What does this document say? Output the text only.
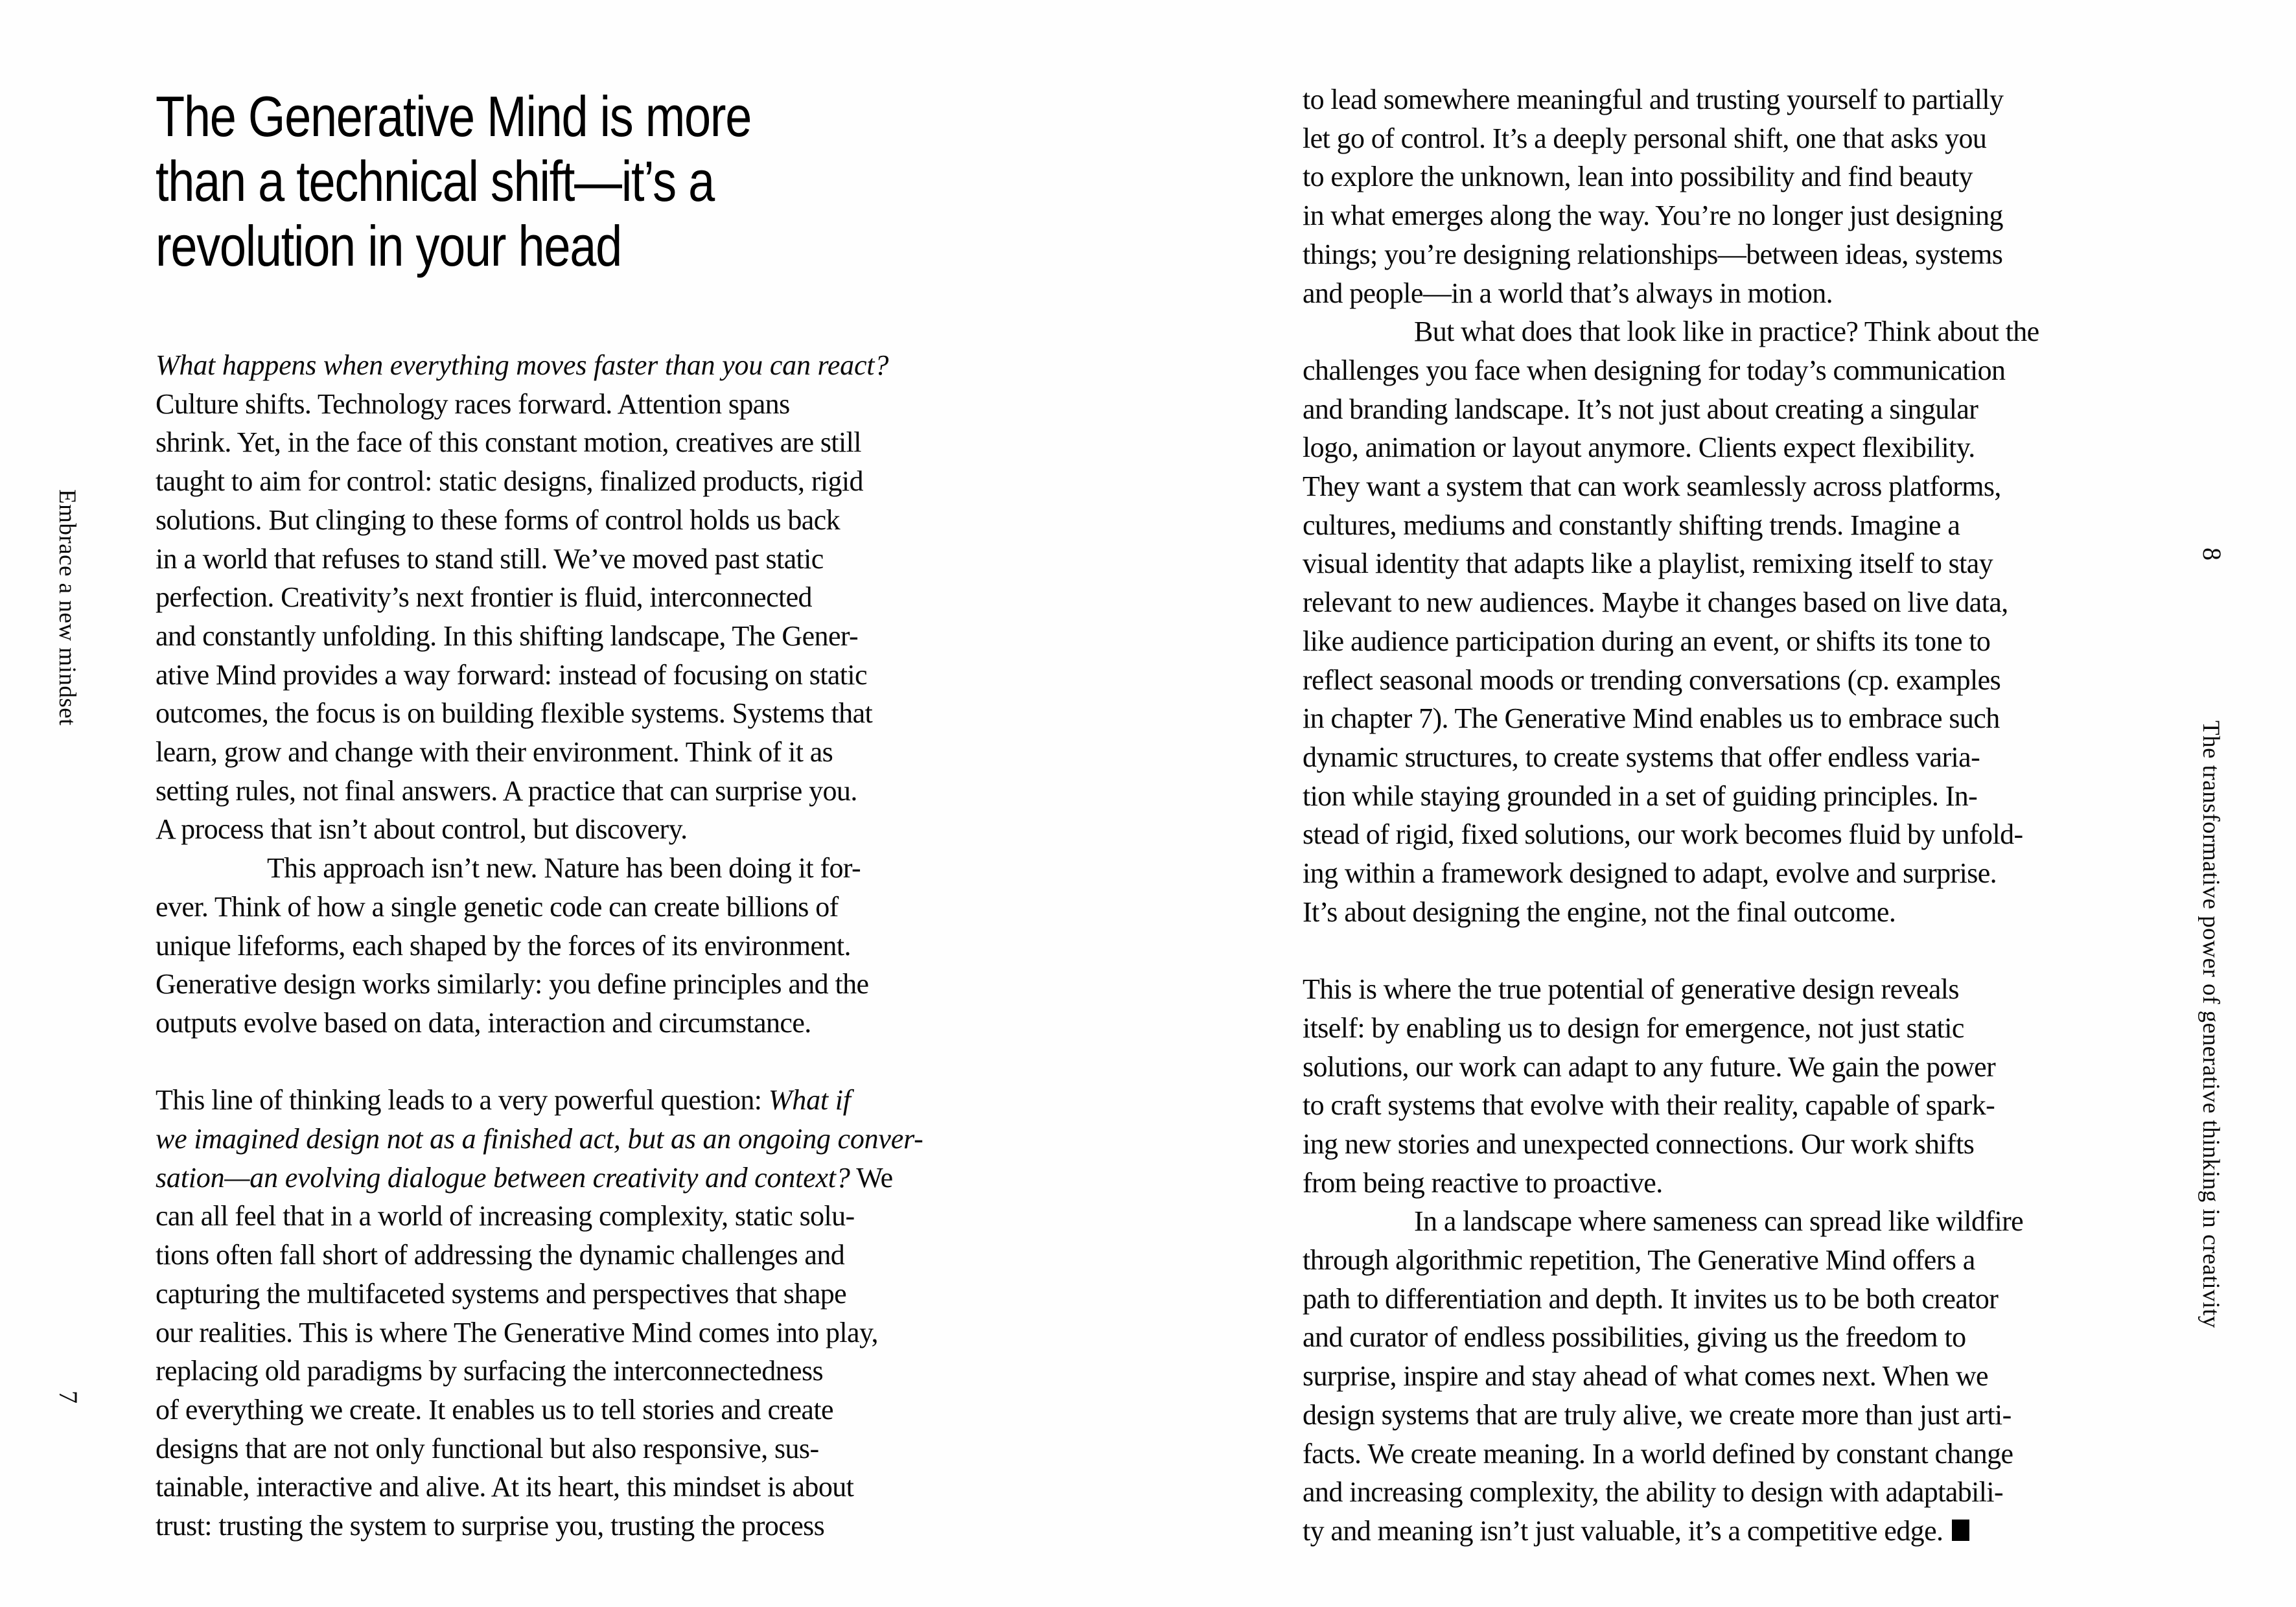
The Generative Mind is more
than a technical shift—it’s a
revolution in your head
What happens when everything moves faster than you can react?
Culture shifts. Technology races forward. Attention spans
shrink. Yet, in the face of this constant motion, creatives are still
taught to aim for control: static designs, finalized products, rigid
solutions. But clinging to these forms of control holds us back
in a world that refuses to stand still. We’ve moved past static
perfection. Creativity’s next frontier is fluid, interconnected
and constantly unfolding. In this shifting landscape, The Gener-
ative Mind provides a way forward: instead of focusing on static
outcomes, the focus is on building flexible systems. Systems that
learn, grow and change with their environment. Think of it as
setting rules, not final answers. A practice that can surprise you.
A process that isn’t about control, but discovery.
This approach isn’t new. Nature has been doing it for-
ever. Think of how a single genetic code can create billions of
unique lifeforms, each shaped by the forces of its environment.
Generative design works similarly: you define principles and the
outputs evolve based on data, interaction and circumstance.
This line of thinking leads to a very powerful question: What if
we imagined design not as a finished act, but as an ongoing conver-
sation—an evolving dialogue between creativity and context? We
can all feel that in a world of increasing complexity, static solu-
tions often fall short of addressing the dynamic challenges and
capturing the multifaceted systems and perspectives that shape
our realities. This is where The Generative Mind comes into play,
replacing old paradigms by surfacing the interconnectedness
of everything we create. It enables us to tell stories and create
designs that are not only functional but also responsive, sus-
tainable, interactive and alive. At its heart, this mindset is about
trust: trusting the system to surprise you, trusting the process
Embrace a new mindset
7
to lead somewhere meaningful and trusting yourself to partially
let go of control. It’s a deeply personal shift, one that asks you
to explore the unknown, lean into possibility and find beauty
in what emerges along the way. You’re no longer just designing
things; you’re designing relationships—between ideas, systems
and people—in a world that’s always in motion.
But what does that look like in practice? Think about the
challenges you face when designing for today’s communication
and branding landscape. It’s not just about creating a singular
logo, animation or layout anymore. Clients expect flexibility.
They want a system that can work seamlessly across platforms,
cultures, mediums and constantly shifting trends. Imagine a
visual identity that adapts like a playlist, remixing itself to stay
relevant to new audiences. Maybe it changes based on live data,
like audience participation during an event, or shifts its tone to
reflect seasonal moods or trending conversations (cp. examples
in chapter 7). The Generative Mind enables us to embrace such
dynamic structures, to create systems that offer endless varia-
tion while staying grounded in a set of guiding principles. In-
stead of rigid, fixed solutions, our work becomes fluid by unfold-
ing within a framework designed to adapt, evolve and surprise.
It’s about designing the engine, not the final outcome.
This is where the true potential of generative design reveals
itself: by enabling us to design for emergence, not just static
solutions, our work can adapt to any future. We gain the power
to craft systems that evolve with their reality, capable of spark-
ing new stories and unexpected connections. Our work shifts
from being reactive to proactive.
In a landscape where sameness can spread like wildfire
through algorithmic repetition, The Generative Mind offers a
path to differentiation and depth. It invites us to be both creator
and curator of endless possibilities, giving us the freedom to
surprise, inspire and stay ahead of what comes next. When we
design systems that are truly alive, we create more than just arti-
facts. We create meaning. In a world defined by constant change
and increasing complexity, the ability to design with adaptabili-
ty and meaning isn’t just valuable, it’s a competitive edge.
The transformative power of generative thinking in creativity
8
